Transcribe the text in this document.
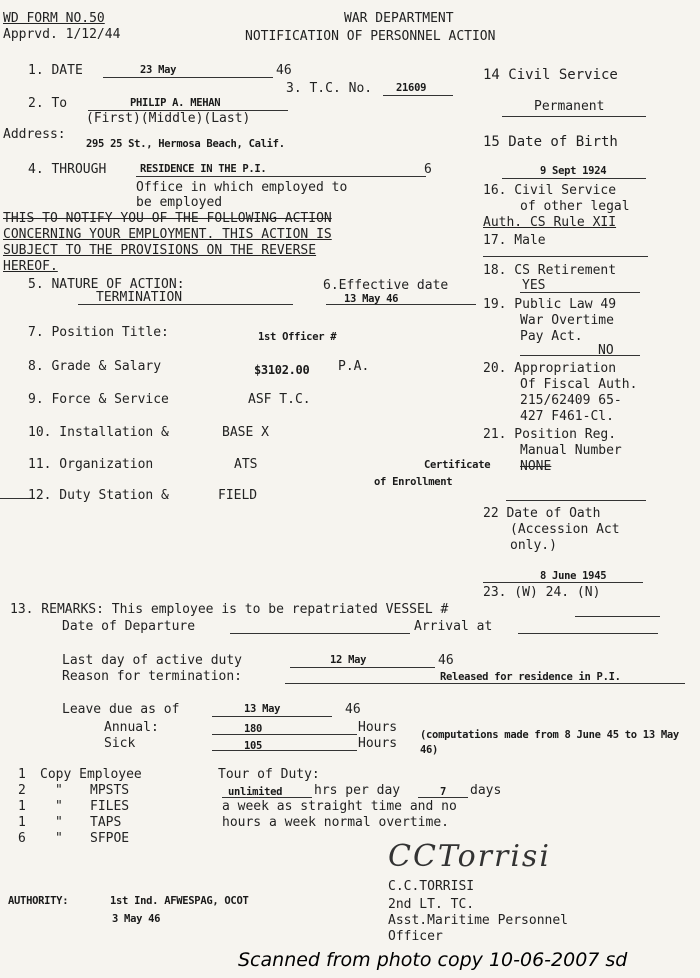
WD FORM NO.50
Apprvd. 1/12/44
WAR DEPARTMENT
NOTIFICATION OF PERSONNEL ACTION
1. DATE	23 May	46
3. T.C. No. 21609
2. To	PHILIP A. MEHAN
(First)(Middle)(Last)
Address:
295 25 St., Hermosa Beach, Calif.
4. THROUGH	RESIDENCE IN THE P.I.	6
Office in which employed to
be employed
THIS TO NOTIFY YOU OF THE FOLLOWING ACTION
CONCERNING YOUR EMPLOYMENT. THIS ACTION IS
SUBJECT TO THE PROVISIONS ON THE REVERSE
HEREOF.
5. NATURE OF ACTION:
TERMINATION
6.Effective date
13 May 46
7. Position Title:	1st Officer #
8. Grade & Salary	$3102.00 P.A.
9. Force & Service	ASF T.C.
10. Installation &	BASE X
11. Organization	ATS	Certificate
of Enrollment
12. Duty Station &	FIELD
14 Civil Service
Permanent
15 Date of Birth
9 Sept 1924
16. Civil Service
of other legal
Auth. CS Rule XII
17. Male
18. CS Retirement
YES
19. Public Law 49
War Overtime
Pay Act.
NO
20. Appropriation
Of Fiscal Auth.
215/62409 65-
427 F461-Cl.
21. Position Reg.
Manual Number
NONE
22 Date of Oath
(Accession Act
only.)
8 June 1945
23. (W) 24. (N)
13. REMARKS: This employee is to be repatriated VESSEL #
Date of Departure	Arrival at
Last day of active duty	12 May	46
Reason for termination:	Released for residence in P.I.
Leave due as of	13 May	46
Annual:	180	Hours
Sick	105	Hours
(computations made from 8 June 45 to 13 May 46)
1 Copy Employee
2 " MPSTS
1 " FILES
1 " TAPS
6 " SFPOE
Tour of Duty:
unlimited hrs per day	7 days
a week as straight time and no
hours a week normal overtime.
AUTHORITY:	1st Ind. AFWESPAG, OCOT
3 May 46
CCTorrisi
C.C.TORRISI
2nd LT. TC.
Asst.Maritime Personnel
Officer
Scanned from photo copy 10-06-2007 sd
